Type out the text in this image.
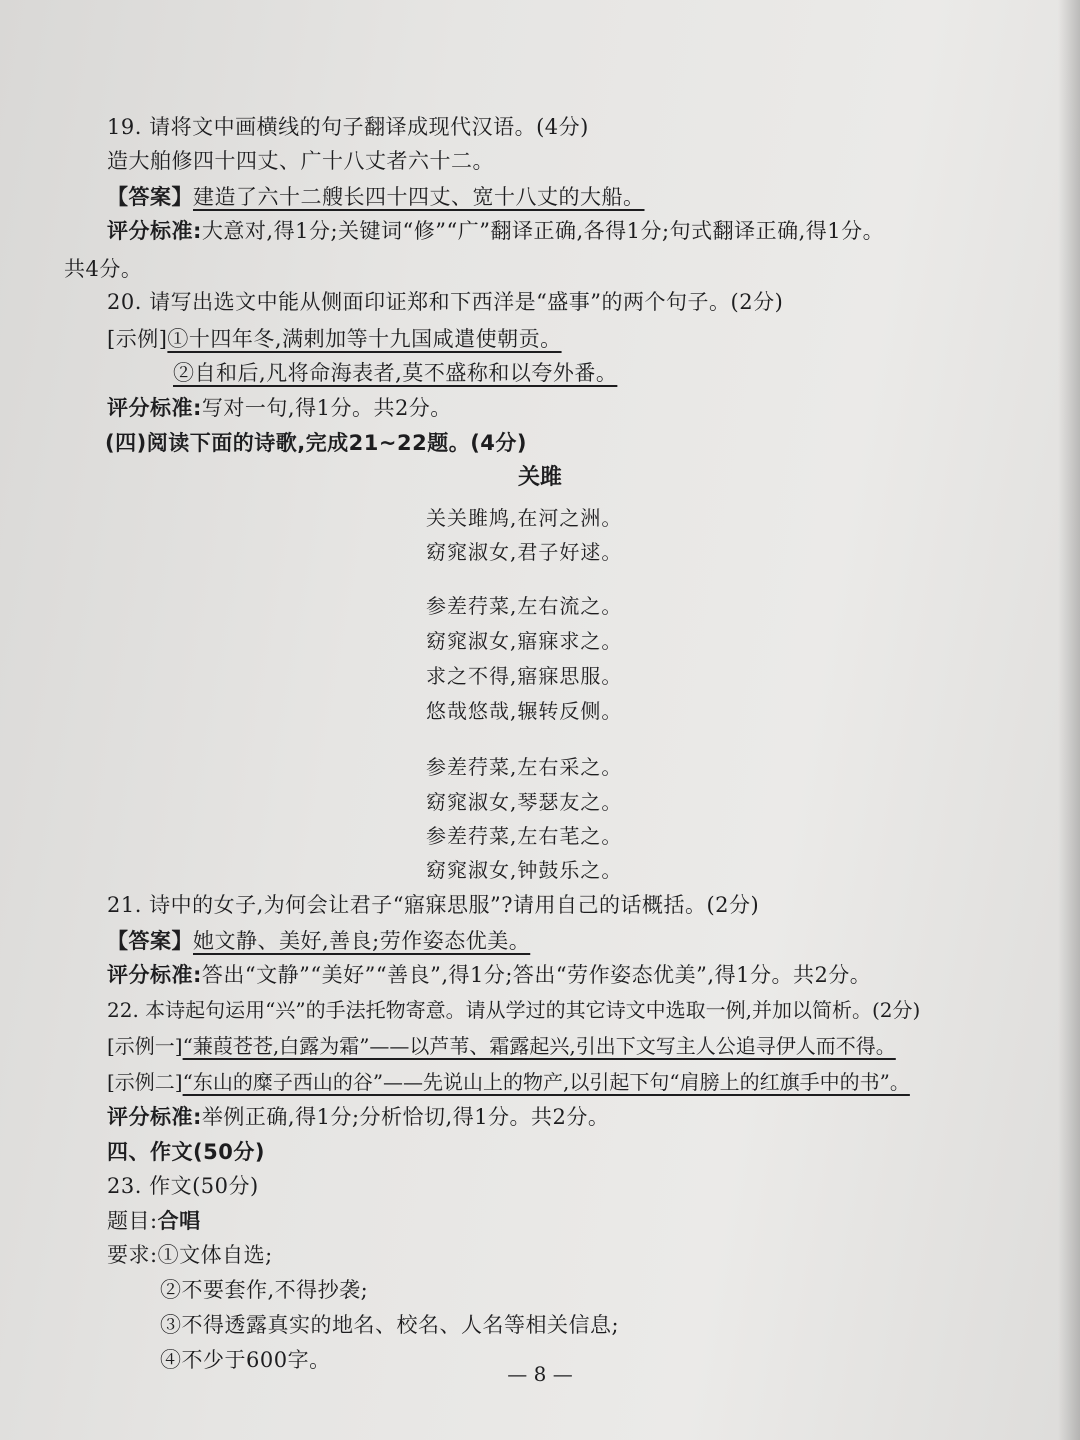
19. 请将文中画横线的句子翻译成现代汉语。(4分)
造大舶修四十四丈、广十八丈者六十二。
【答案】建造了六十二艘长四十四丈、宽十八丈的大船。
评分标准:大意对,得1分;关键词“修”“广”翻译正确,各得1分;句式翻译正确,得1分。
共4分。
20. 请写出选文中能从侧面印证郑和下西洋是“盛事”的两个句子。(2分)
[示例]①十四年冬,满剌加等十九国咸遣使朝贡。
②自和后,凡将命海表者,莫不盛称和以夸外番。
评分标准:写对一句,得1分。共2分。
(四)阅读下面的诗歌,完成21~22题。(4分)
关雎
关关雎鸠,在河之洲。
窈窕淑女,君子好逑。
参差荇菜,左右流之。
窈窕淑女,寤寐求之。
求之不得,寤寐思服。
悠哉悠哉,辗转反侧。
参差荇菜,左右采之。
窈窕淑女,琴瑟友之。
参差荇菜,左右芼之。
窈窕淑女,钟鼓乐之。
21. 诗中的女子,为何会让君子“寤寐思服”?请用自己的话概括。(2分)
【答案】她文静、美好,善良;劳作姿态优美。
评分标准:答出“文静”“美好”“善良”,得1分;答出“劳作姿态优美”,得1分。共2分。
22. 本诗起句运用“兴”的手法托物寄意。请从学过的其它诗文中选取一例,并加以简析。(2分)
[示例一]“蒹葭苍苍,白露为霜”——以芦苇、霜露起兴,引出下文写主人公追寻伊人而不得。
[示例二]“东山的糜子西山的谷”——先说山上的物产,以引起下句“肩膀上的红旗手中的书”。
评分标准:举例正确,得1分;分析恰切,得1分。共2分。
四、作文(50分)
23. 作文(50分)
题目:合唱
要求:①文体自选;
②不要套作,不得抄袭;
③不得透露真实的地名、校名、人名等相关信息;
④不少于600字。
— 8 —
